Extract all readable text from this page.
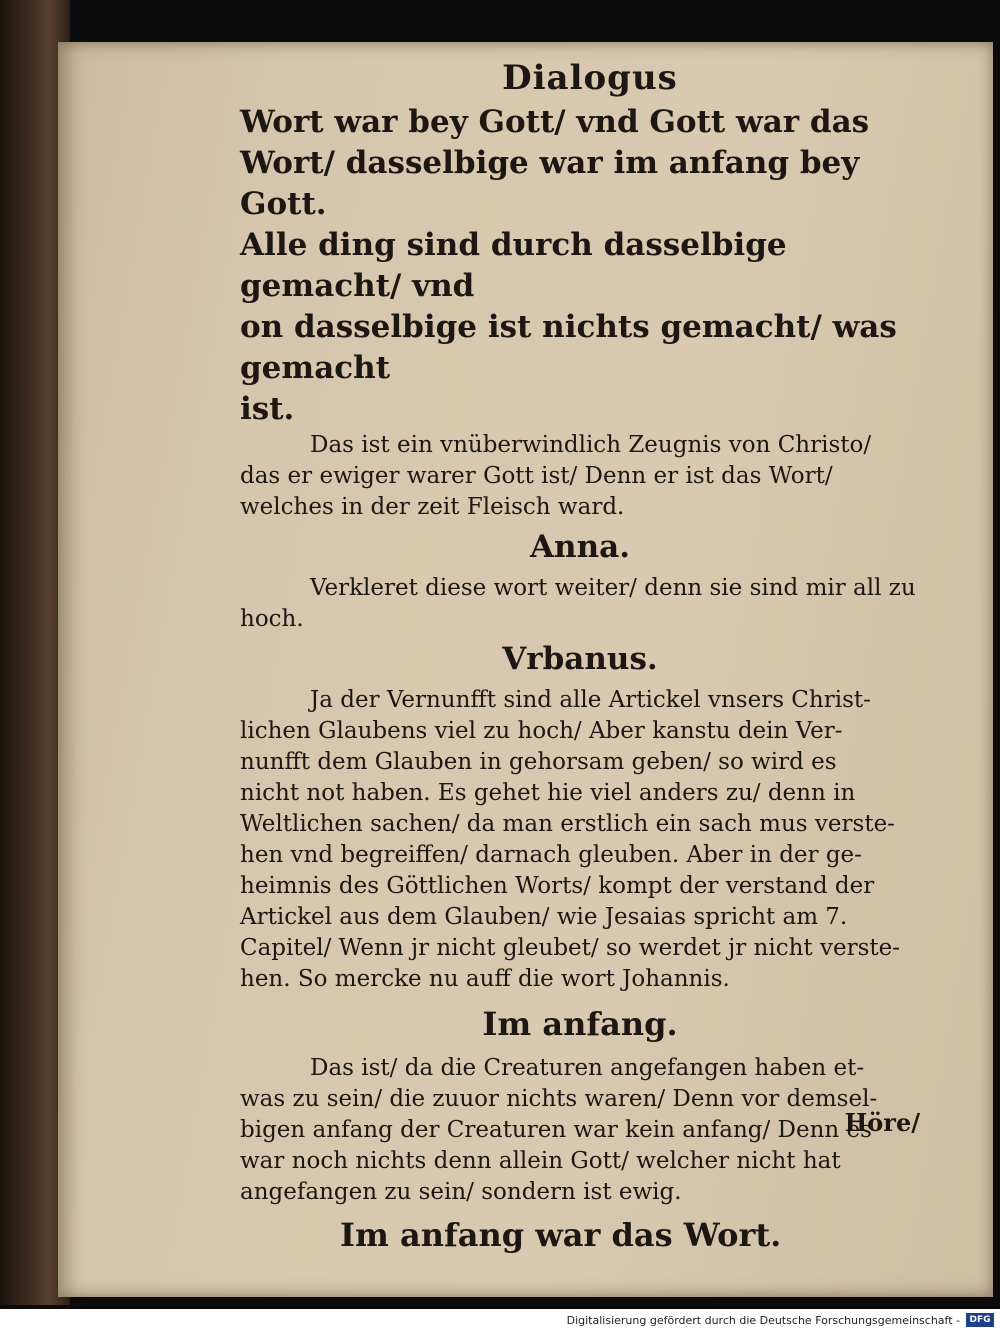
Dialogus

Wort war bey Gott/ vnd Gott war das

Wort/ dasselbige war im anfang bey Gott.

Alle ding sind durch dasselbige gemacht/ vnd

on dasselbige ist nichts gemacht/ was gemacht

ist.

Das ist ein vnüberwindlich Zeugnis von Christo/

das er ewiger warer Gott ist/ Denn er ist das Wort/

welches in der zeit Fleisch ward.

Anna.

Verkleret diese wort weiter/ denn sie sind mir all zu

hoch.

Vrbanus.

Ja der Vernunfft sind alle Artickel vnsers Christ-

lichen Glaubens viel zu hoch/ Aber kanstu dein Ver-

nunfft dem Glauben in gehorsam geben/ so wird es

nicht not haben. Es gehet hie viel anders zu/ denn in

Weltlichen sachen/ da man erstlich ein sach mus verste-

hen vnd begreiffen/ darnach gleuben. Aber in der ge-

heimnis des Göttlichen Worts/ kompt der verstand der

Artickel aus dem Glauben/ wie Jesaias spricht am 7.

Capitel/ Wenn jr nicht gleubet/ so werdet jr nicht verste-

hen. So mercke nu auff die wort Johannis.

Im anfang.

Das ist/ da die Creaturen angefangen haben et-

was zu sein/ die zuuor nichts waren/ Denn vor demsel-

bigen anfang der Creaturen war kein anfang/ Denn es

war noch nichts denn allein Gott/ welcher nicht hat

angefangen zu sein/ sondern ist ewig.

Im anfang war das Wort.
Höre/
Digitalisierung gefördert durch die Deutsche Forschungsgemeinschaft -	DFG
